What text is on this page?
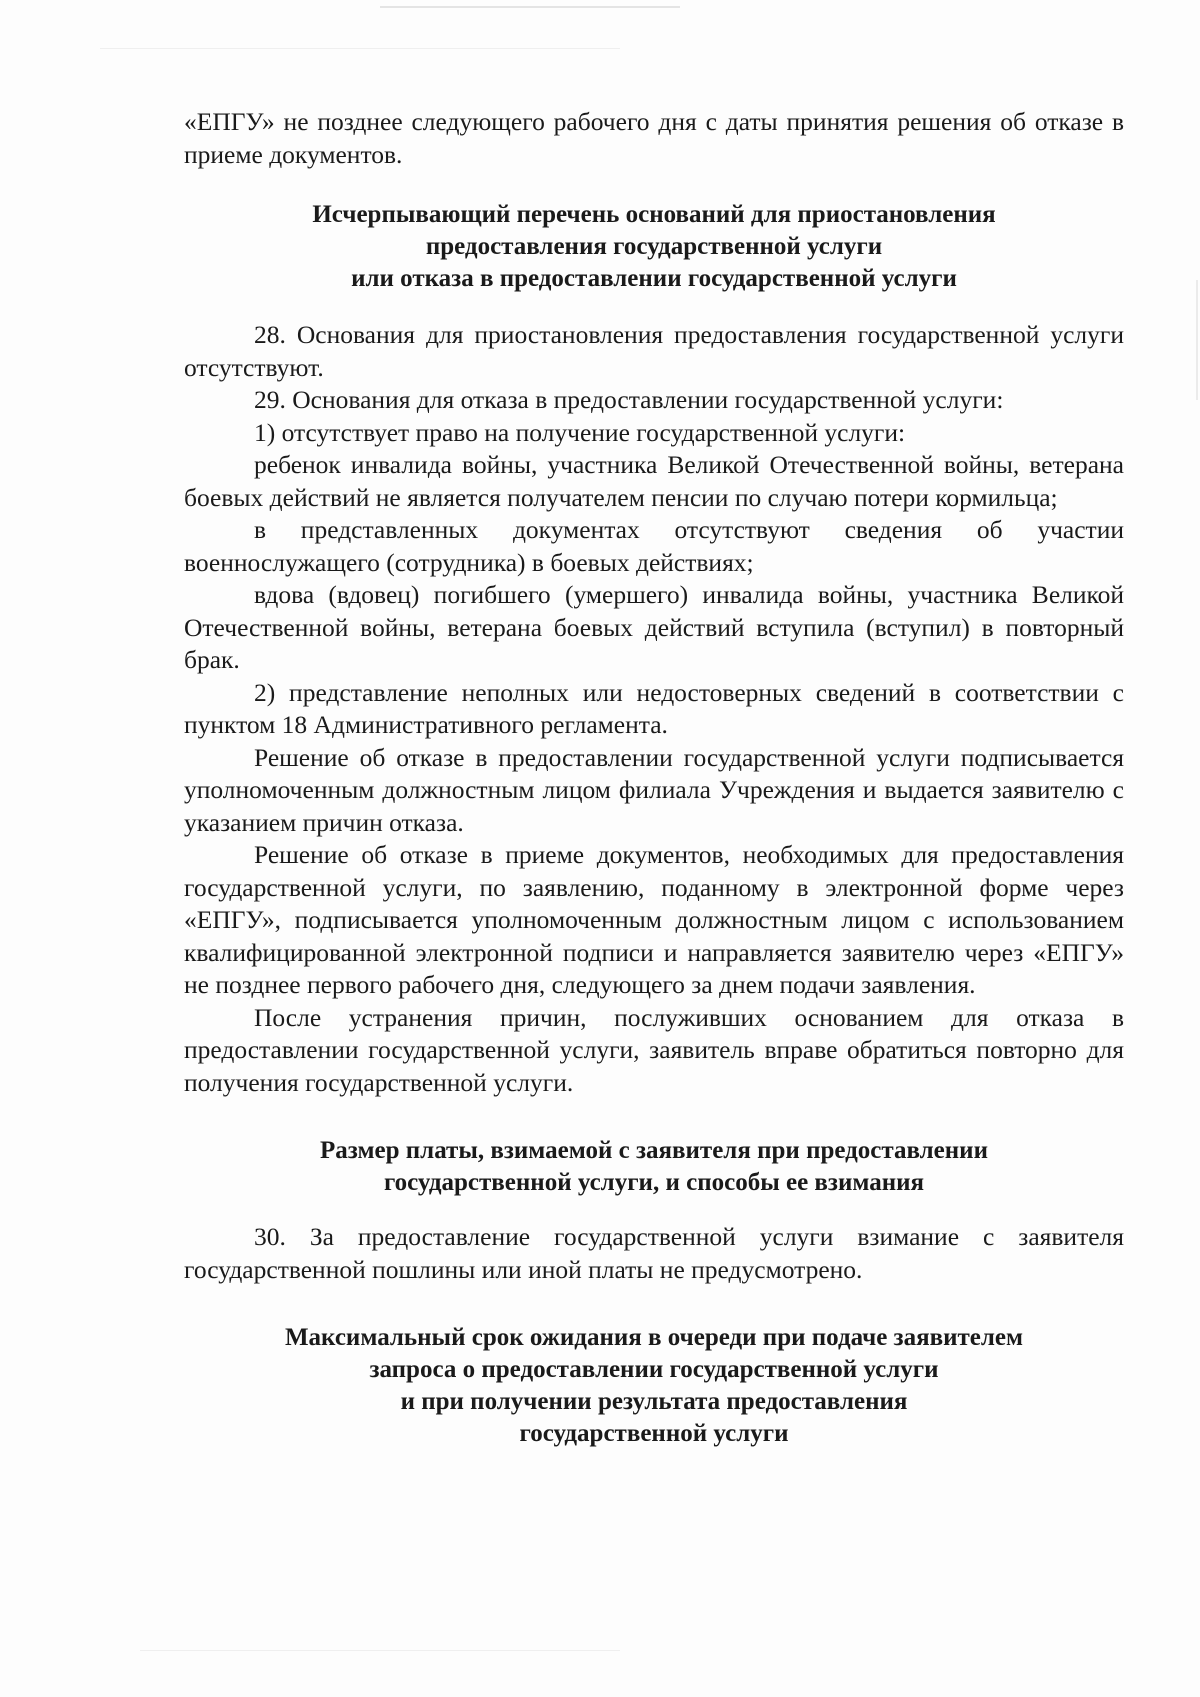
«ЕПГУ» не позднее следующего рабочего дня с даты принятия решения об отказе в приеме документов.

Исчерпывающий перечень оснований для приостановления
предоставления государственной услуги
или отказа в предоставлении государственной услуги

28. Основания для приостановления предоставления государственной услуги отсутствуют.

29. Основания для отказа в предоставлении государственной услуги:

1) отсутствует право на получение государственной услуги:

ребенок инвалида войны, участника Великой Отечественной войны, ветерана боевых действий не является получателем пенсии по случаю потери кормильца;

в представленных документах отсутствуют сведения об участии военнослужащего (сотрудника) в боевых действиях;

вдова (вдовец) погибшего (умершего) инвалида войны, участника Великой Отечественной войны, ветерана боевых действий вступила (вступил) в повторный брак.

2) представление неполных или недостоверных сведений в соответствии с пунктом 18 Административного регламента.

Решение об отказе в предоставлении государственной услуги подписывается уполномоченным должностным лицом филиала Учреждения и выдается заявителю с указанием причин отказа.

Решение об отказе в приеме документов, необходимых для предоставления государственной услуги, по заявлению, поданному в электронной форме через «ЕПГУ», подписывается уполномоченным должностным лицом с использованием квалифицированной электронной подписи и направляется заявителю через «ЕПГУ» не позднее первого рабочего дня, следующего за днем подачи заявления.

После устранения причин, послуживших основанием для отказа в предоставлении государственной услуги, заявитель вправе обратиться повторно для получения государственной услуги.

Размер платы, взимаемой с заявителя при предоставлении
государственной услуги, и способы ее взимания

30. За предоставление государственной услуги взимание с заявителя государственной пошлины или иной платы не предусмотрено.

Максимальный срок ожидания в очереди при подаче заявителем
запроса о предоставлении государственной услуги
и при получении результата предоставления
государственной услуги
